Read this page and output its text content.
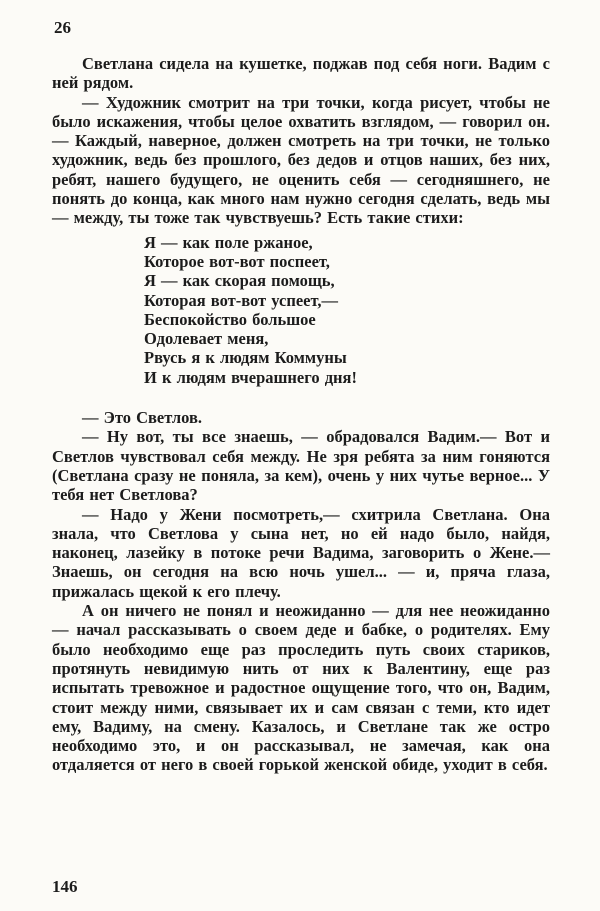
26

Светлана сидела на кушетке, поджав под себя ноги. Вадим с ней рядом.

— Художник смотрит на три точки, когда рисует, чтобы не было искажения, чтобы целое охватить взглядом, — говорил он.— Каждый, наверное, должен смотреть на три точки, не только художник, ведь без прошлого, без дедов и отцов наших, без них, ребят, нашего будущего, не оценить себя — сегодняшнего, не понять до конца, как много нам нужно сегодня сделать, ведь мы — между, ты тоже так чувствуешь? Есть такие стихи:

Я — как поле ржаное,
Которое вот-вот поспеет,
Я — как скорая помощь,
Которая вот-вот успеет,—
Беспокойство большое
Одолевает меня,
Рвусь я к людям Коммуны
И к людям вчерашнего дня!

— Это Светлов.

— Ну вот, ты все знаешь, — обрадовался Вадим.— Вот и Светлов чувствовал себя между. Не зря ребята за ним гоняются (Светлана сразу не поняла, за кем), очень у них чутье верное... У тебя нет Светлова?

— Надо у Жени посмотреть,— схитрила Светлана. Она знала, что Светлова у сына нет, но ей надо было, найдя, наконец, лазейку в потоке речи Вадима, заговорить о Жене.— Знаешь, он сегодня на всю ночь ушел... — и, пряча глаза, прижалась щекой к его плечу.

А он ничего не понял и неожиданно — для нее неожиданно — начал рассказывать о своем деде и бабке, о родителях. Ему было необходимо еще раз проследить путь своих стариков, протянуть невидимую нить от них к Валентину, еще раз испытать тревожное и радостное ощущение того, что он, Вадим, стоит между ними, связывает их и сам связан с теми, кто идет ему, Вадиму, на смену. Казалось, и Светлане так же остро необходимо это, и он рассказывал, не замечая, как она отдаляется от него в своей горькой женской обиде, уходит в себя.

146
